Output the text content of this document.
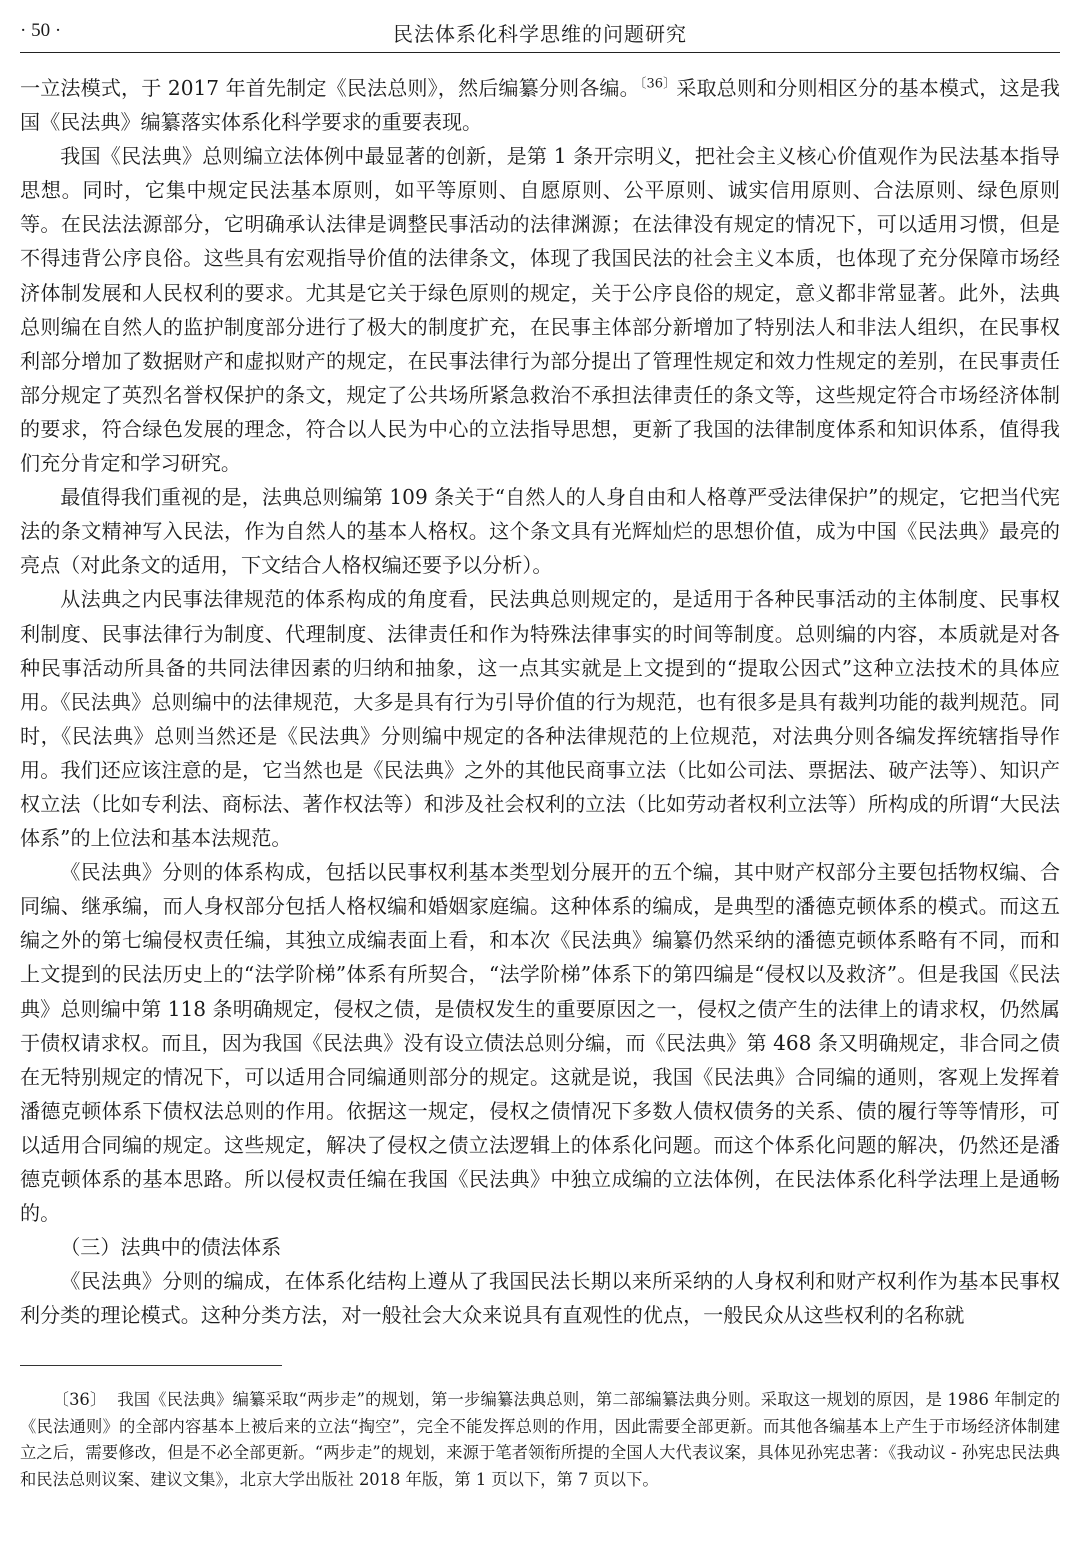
· 50 ·	民法体系化科学思维的问题研究

一立法模式，于 2017 年首先制定《民法总则》，然后编纂分则各编。$^{〔36〕}$采取总则和分则相区分的基本模式，这是我国《民法典》编纂落实体系化科学要求的重要表现。

我国《民法典》总则编立法体例中最显著的创新，是第 1 条开宗明义，把社会主义核心价值观作为民法基本指导思想。同时，它集中规定民法基本原则，如平等原则、自愿原则、公平原则、诚实信用原则、合法原则、绿色原则等。在民法法源部分，它明确承认法律是调整民事活动的法律渊源；在法律没有规定的情况下，可以适用习惯，但是不得违背公序良俗。这些具有宏观指导价值的法律条文，体现了我国民法的社会主义本质，也体现了充分保障市场经济体制发展和人民权利的要求。尤其是它关于绿色原则的规定，关于公序良俗的规定，意义都非常显著。此外，法典总则编在自然人的监护制度部分进行了极大的制度扩充，在民事主体部分新增加了特别法人和非法人组织，在民事权利部分增加了数据财产和虚拟财产的规定，在民事法律行为部分提出了管理性规定和效力性规定的差别，在民事责任部分规定了英烈名誉权保护的条文，规定了公共场所紧急救治不承担法律责任的条文等，这些规定符合市场经济体制的要求，符合绿色发展的理念，符合以人民为中心的立法指导思想，更新了我国的法律制度体系和知识体系，值得我们充分肯定和学习研究。

最值得我们重视的是，法典总则编第 109 条关于“自然人的人身自由和人格尊严受法律保护”的规定，它把当代宪法的条文精神写入民法，作为自然人的基本人格权。这个条文具有光辉灿烂的思想价值，成为中国《民法典》最亮的亮点（对此条文的适用，下文结合人格权编还要予以分析）。

从法典之内民事法律规范的体系构成的角度看，民法典总则规定的，是适用于各种民事活动的主体制度、民事权利制度、民事法律行为制度、代理制度、法律责任和作为特殊法律事实的时间等制度。总则编的内容，本质就是对各种民事活动所具备的共同法律因素的归纳和抽象，这一点其实就是上文提到的“提取公因式”这种立法技术的具体应用。《民法典》总则编中的法律规范，大多是具有行为引导价值的行为规范，也有很多是具有裁判功能的裁判规范。同时，《民法典》总则当然还是《民法典》分则编中规定的各种法律规范的上位规范，对法典分则各编发挥统辖指导作用。我们还应该注意的是，它当然也是《民法典》之外的其他民商事立法（比如公司法、票据法、破产法等）、知识产权立法（比如专利法、商标法、著作权法等）和涉及社会权利的立法（比如劳动者权利立法等）所构成的所谓“大民法体系”的上位法和基本法规范。

《民法典》分则的体系构成，包括以民事权利基本类型划分展开的五个编，其中财产权部分主要包括物权编、合同编、继承编，而人身权部分包括人格权编和婚姻家庭编。这种体系的编成，是典型的潘德克顿体系的模式。而这五编之外的第七编侵权责任编，其独立成编表面上看，和本次《民法典》编纂仍然采纳的潘德克顿体系略有不同，而和上文提到的民法历史上的“法学阶梯”体系有所契合，“法学阶梯”体系下的第四编是“侵权以及救济”。但是我国《民法典》总则编中第 118 条明确规定，侵权之债，是债权发生的重要原因之一，侵权之债产生的法律上的请求权，仍然属于债权请求权。而且，因为我国《民法典》没有设立债法总则分编，而《民法典》第 468 条又明确规定，非合同之债在无特别规定的情况下，可以适用合同编通则部分的规定。这就是说，我国《民法典》合同编的通则，客观上发挥着潘德克顿体系下债权法总则的作用。依据这一规定，侵权之债情况下多数人债权债务的关系、债的履行等等情形，可以适用合同编的规定。这些规定，解决了侵权之债立法逻辑上的体系化问题。而这个体系化问题的解决，仍然还是潘德克顿体系的基本思路。所以侵权责任编在我国《民法典》中独立成编的立法体例，在民法体系化科学法理上是通畅的。

（三）法典中的债法体系

《民法典》分则的编成，在体系化结构上遵从了我国民法长期以来所采纳的人身权利和财产权利作为基本民事权利分类的理论模式。这种分类方法，对一般社会大众来说具有直观性的优点，一般民众从这些权利的名称就

〔36〕 我国《民法典》编纂采取“两步走”的规划，第一步编纂法典总则，第二部编纂法典分则。采取这一规划的原因，是 1986 年制定的《民法通则》的全部内容基本上被后来的立法“掏空”，完全不能发挥总则的作用，因此需要全部更新。而其他各编基本上产生于市场经济体制建立之后，需要修改，但是不必全部更新。“两步走”的规划，来源于笔者领衔所提的全国人大代表议案，具体见孙宪忠著：《我动议 - 孙宪忠民法典和民法总则议案、建议文集》，北京大学出版社 2018 年版，第 1 页以下，第 7 页以下。
